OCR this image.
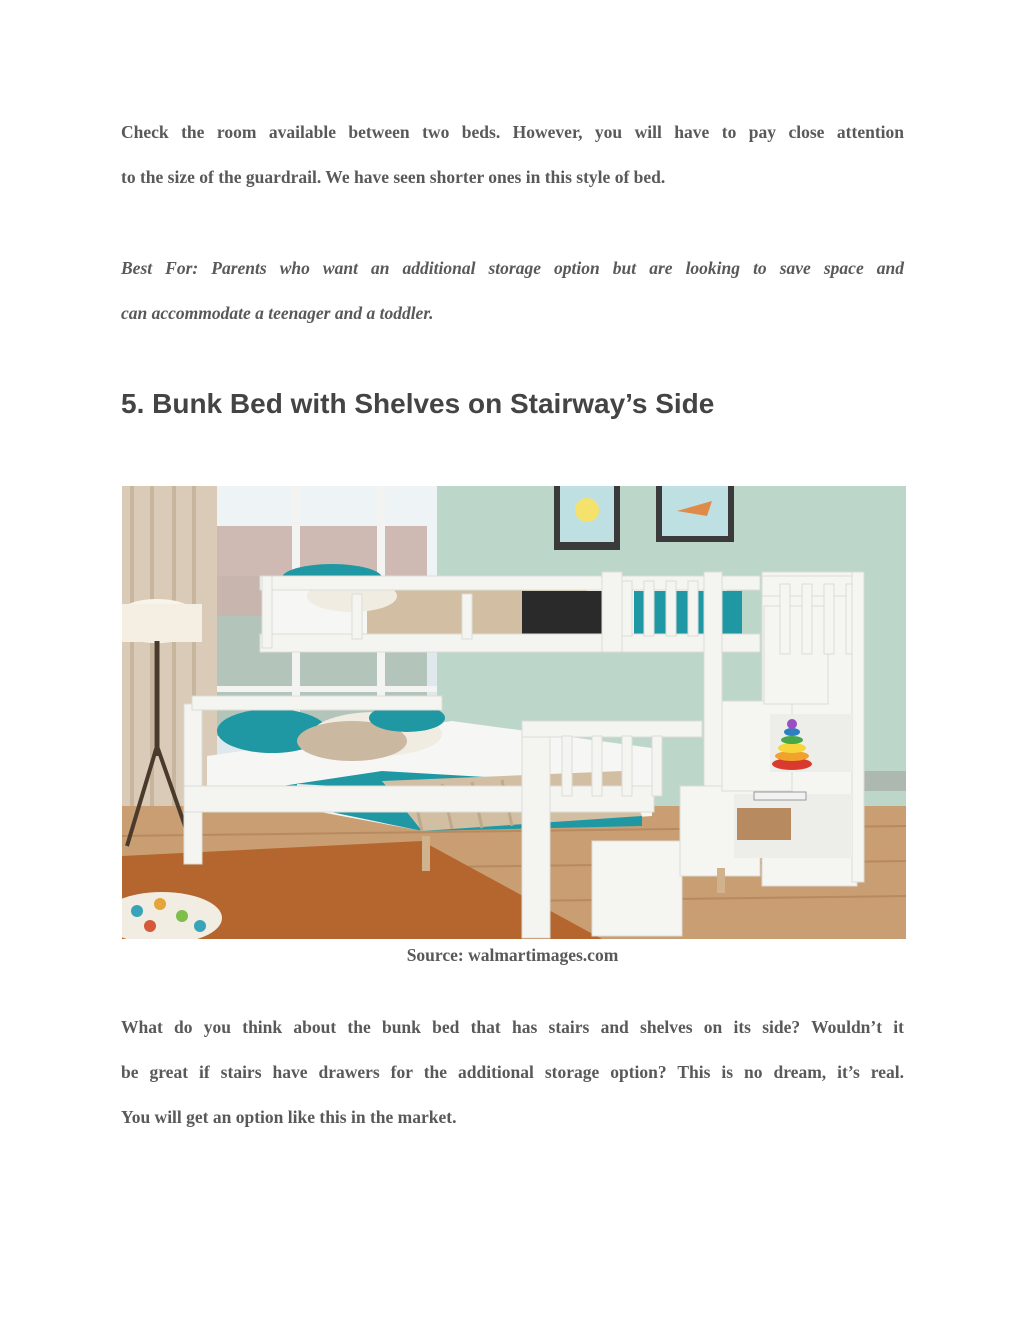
Check the room available between two beds. However, you will have to pay close attention
to the size of the guardrail. We have seen shorter ones in this style of bed.

Best For: Parents who want an additional storage option but are looking to save space and
can accommodate a teenager and a toddler.

5. Bunk Bed with Shelves on Stairway’s Side

Source: walmartimages.com

What do you think about the bunk bed that has stairs and shelves on its side? Wouldn’t it
be great if stairs have drawers for the additional storage option? This is no dream, it’s real.
You will get an option like this in the market.
